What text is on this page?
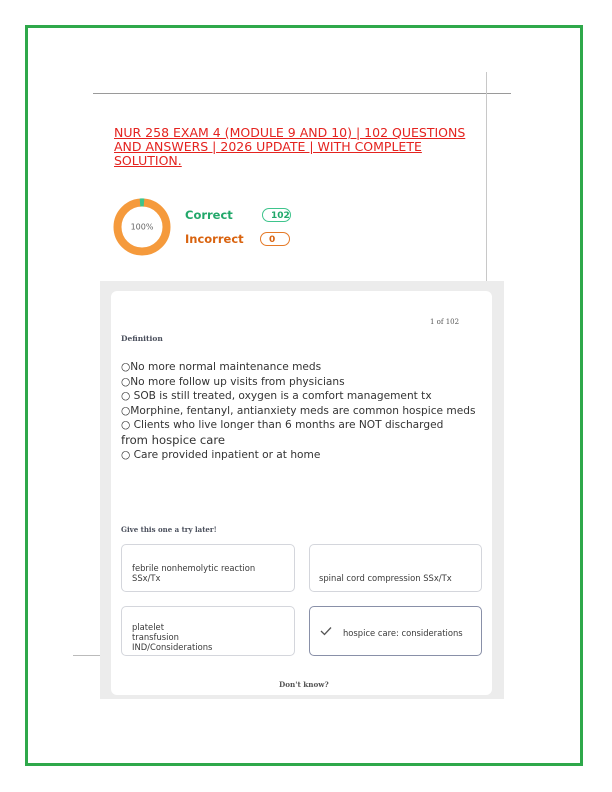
NUR 258 EXAM 4 (MODULE 9 AND 10) | 102 QUESTIONS
AND ANSWERS | 2026 UPDATE | WITH COMPLETE
SOLUTION.
100%
Correct	102
Incorrect	0
1 of 102
Definition
○No more normal maintenance meds
○No more follow up visits from physicians
○ SOB is still treated, oxygen is a comfort management tx
○Morphine, fentanyl, antianxiety meds are common hospice meds
○ Clients who live longer than 6 months are NOT discharged
from hospice care
○ Care provided inpatient or at home
Give this one a try later!
febrile nonhemolytic reaction
SSx/Tx	spinal cord compression SSx/Tx
platelet
transfusion
IND/Considerations
hospice care: considerations
Don't know?
